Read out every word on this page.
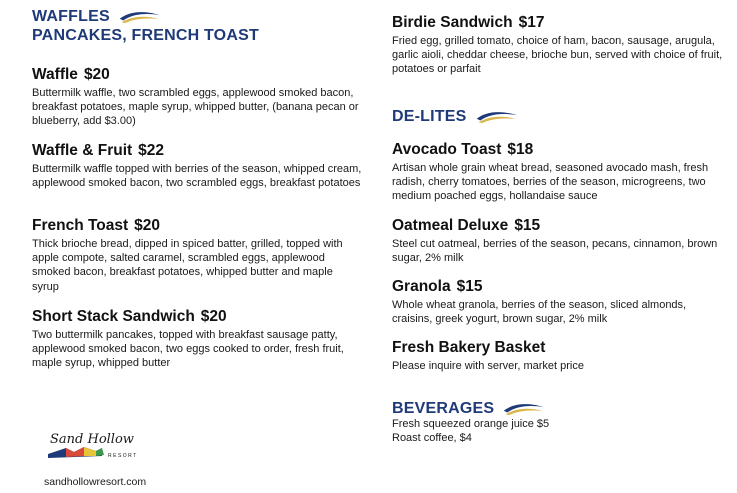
WAFFLES
PANCAKES, FRENCH TOAST

Waffle $20

Buttermilk waffle, two scrambled eggs, applewood smoked bacon, breakfast potatoes, maple syrup, whipped butter, (banana pecan or blueberry, add $3.00)

Waffle & Fruit $22

Buttermilk waffle topped with berries of the season, whipped cream, applewood smoked bacon, two scrambled eggs, breakfast potatoes

French Toast $20

Thick brioche bread, dipped in spiced batter, grilled, topped with apple compote, salted caramel, scrambled eggs, applewood smoked bacon, breakfast potatoes, whipped butter and maple syrup

Short Stack Sandwich $20

Two buttermilk pancakes, topped with breakfast sausage patty, applewood smoked bacon, two eggs cooked to order, fresh fruit, maple syrup, whipped butter

Sand Hollow
RESORT
sandhollowresort.com

Birdie Sandwich $17

Fried egg, grilled tomato, choice of ham, bacon, sausage, arugula, garlic aioli, cheddar cheese, brioche bun, served with choice of fruit, potatoes or parfait

DE-LITES

Avocado Toast $18

Artisan whole grain wheat bread, seasoned avocado mash, fresh radish, cherry tomatoes, berries of the season, microgreens, two medium poached eggs, hollandaise sauce

Oatmeal Deluxe $15

Steel cut oatmeal, berries of the season, pecans, cinnamon, brown sugar, 2% milk

Granola $15

Whole wheat granola, berries of the season, sliced almonds, craisins, greek yogurt, brown sugar, 2% milk

Fresh Bakery Basket

Please inquire with server, market price

BEVERAGES

Fresh squeezed orange juice $5

Roast coffee, $4
